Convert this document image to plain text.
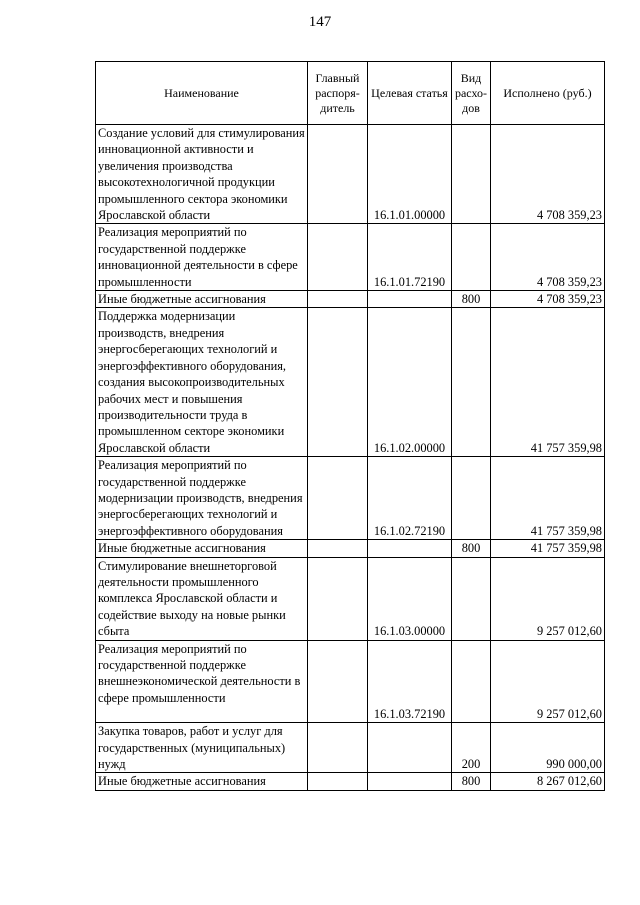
147
Наименование	Главный распоря-дитель	Целевая статья	Вид расхо-дов	Исполнено (руб.)
Создание условий для стимулирования инновационной активности и увеличения производства высокотехнологичной продукции промышленного сектора экономики Ярославской области		16.1.01.00000		4 708 359,23
Реализация мероприятий по государственной поддержке инновационной деятельности в сфере промышленности		16.1.01.72190		4 708 359,23
Иные бюджетные ассигнования			800	4 708 359,23
Поддержка модернизации производств, внедрения энергосберегающих технологий и энергоэффективного оборудования, создания высокопроизводительных рабочих мест и повышения производительности труда в промышленном секторе экономики Ярославской области		16.1.02.00000		41 757 359,98
Реализация мероприятий по государственной поддержке модернизации производств, внедрения энергосберегающих технологий и энергоэффективного оборудования		16.1.02.72190		41 757 359,98
Иные бюджетные ассигнования			800	41 757 359,98
Стимулирование внешнеторговой деятельности промышленного комплекса Ярославской области и содействие выходу на новые рынки сбыта		16.1.03.00000		9 257 012,60
Реализация мероприятий по государственной поддержке внешнеэкономической деятельности в сфере промышленности		16.1.03.72190		9 257 012,60
Закупка товаров, работ и услуг для государственных (муниципальных) нужд			200	990 000,00
Иные бюджетные ассигнования			800	8 267 012,60
